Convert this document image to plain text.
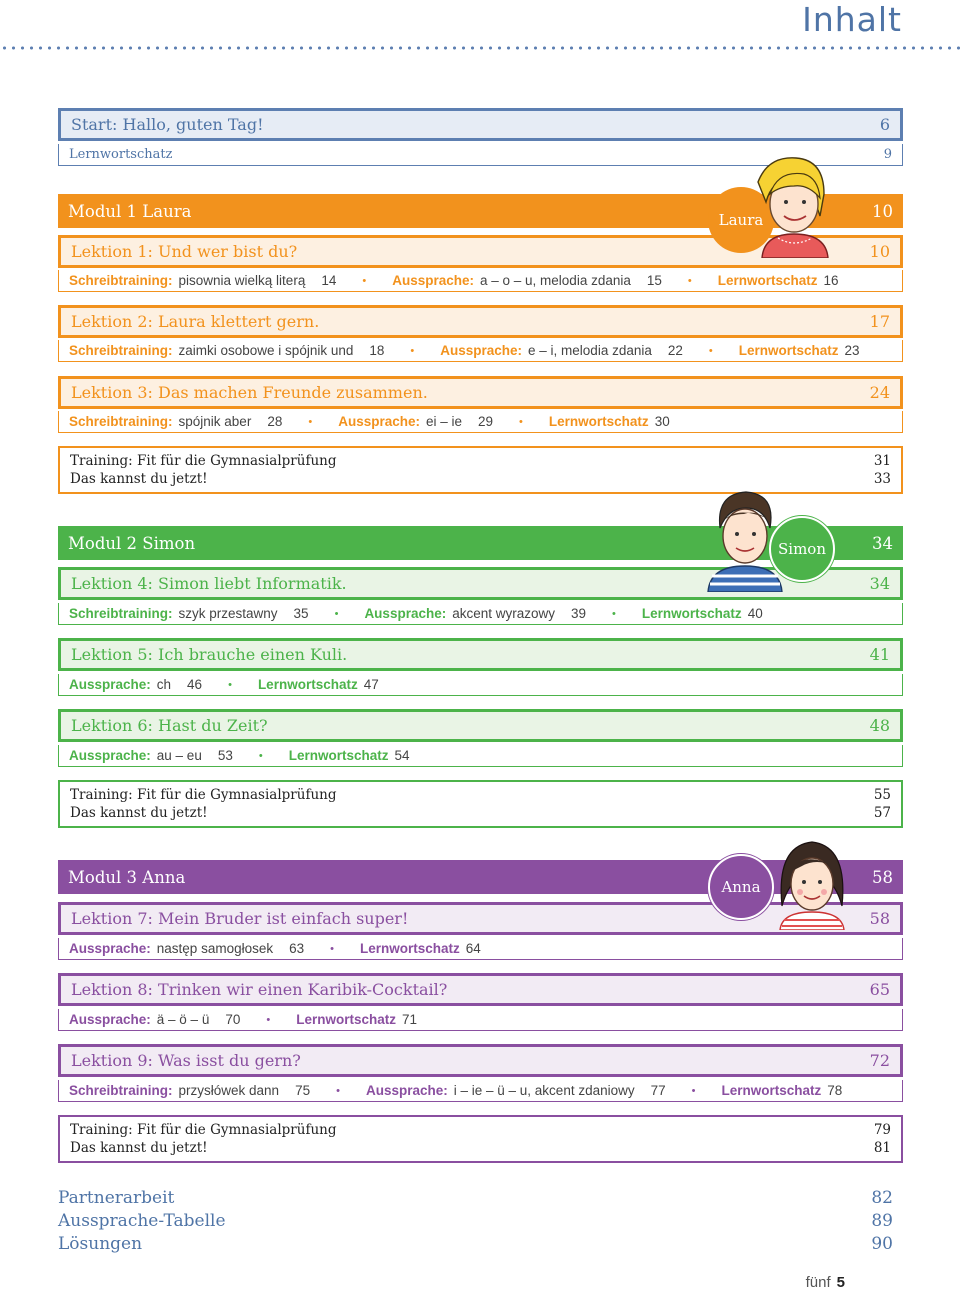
Inhalt
Start: Hallo, guten Tag!	6
Lernwortschatz	9
Modul 1 Laura	10
Lektion 1: Und wer bist du?	10
Schreibtraining: pisownia wielką literą 14 • Aussprache: a – o – u, melodia zdania 15 • Lernwortschatz 16
Lektion 2: Laura klettert gern.	17
Schreibtraining: zaimki osobowe i spójnik und 18 • Aussprache: e – i, melodia zdania 22 • Lernwortschatz 23
Lektion 3: Das machen Freunde zusammen.	24
Schreibtraining: spójnik aber 28 • Aussprache: ei – ie 29 • Lernwortschatz 30
Training: Fit für die Gymnasialprüfung	31
Das kannst du jetzt!	33
Modul 2 Simon	34
Lektion 4: Simon liebt Informatik.	34
Schreibtraining: szyk przestawny 35 • Aussprache: akcent wyrazowy 39 • Lernwortschatz 40
Lektion 5: Ich brauche einen Kuli.	41
Aussprache: ch 46 • Lernwortschatz 47
Lektion 6: Hast du Zeit?	48
Aussprache: au – eu 53 • Lernwortschatz 54
Training: Fit für die Gymnasialprüfung	55
Das kannst du jetzt!	57
Modul 3 Anna	58
Lektion 7: Mein Bruder ist einfach super!	58
Aussprache: następ samogłosek 63 • Lernwortschatz 64
Lektion 8: Trinken wir einen Karibik-Cocktail?	65
Aussprache: ä – ö – ü 70 • Lernwortschatz 71
Lektion 9: Was isst du gern?	72
Schreibtraining: przysłówek dann 75 • Aussprache: i – ie – ü – u, akcent zdaniowy 77 • Lernwortschatz 78
Training: Fit für die Gymnasialprüfung	79
Das kannst du jetzt!	81
Laura
Simon
Anna
Partnerarbeit	82
Aussprache-Tabelle	89
Lösungen	90
fünf 5
